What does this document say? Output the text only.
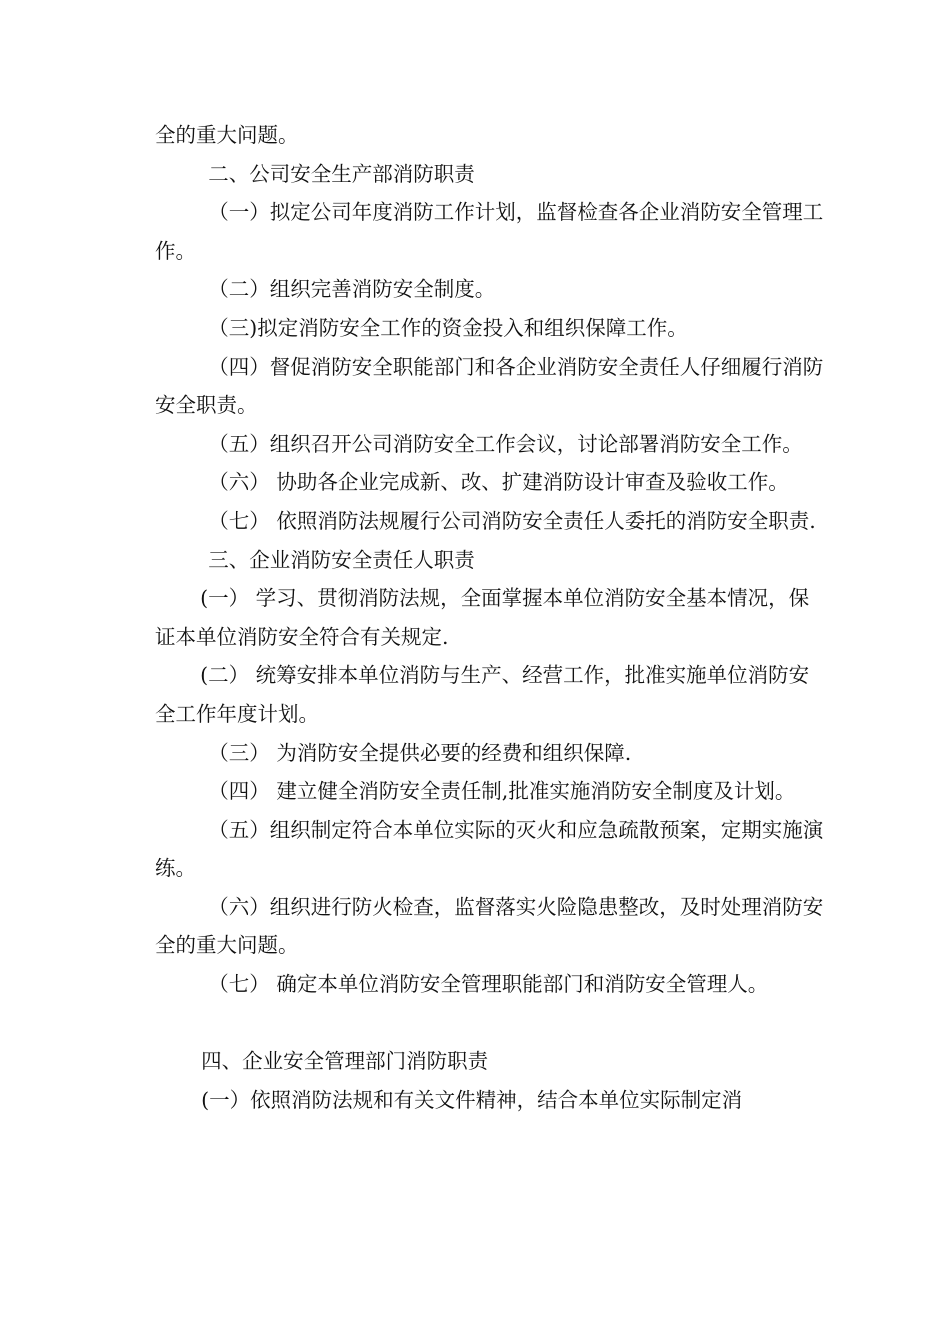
全的重大问题。

二、公司安全生产部消防职责

（一）拟定公司年度消防工作计划，监督检查各企业消防安全管理工作。

（二）组织完善消防安全制度。

（三)拟定消防安全工作的资金投入和组织保障工作。

（四）督促消防安全职能部门和各企业消防安全责任人仔细履行消防安全职责。

（五）组织召开公司消防安全工作会议，讨论部署消防安全工作。

（六） 协助各企业完成新、改、扩建消防设计审查及验收工作。

（七） 依照消防法规履行公司消防安全责任人委托的消防安全职责.

三、企业消防安全责任人职责

(一） 学习、贯彻消防法规，全面掌握本单位消防安全基本情况，保证本单位消防安全符合有关规定.

(二） 统筹安排本单位消防与生产、经营工作，批准实施单位消防安全工作年度计划。

（三） 为消防安全提供必要的经费和组织保障.

（四） 建立健全消防安全责任制,批准实施消防安全制度及计划。

（五）组织制定符合本单位实际的灭火和应急疏散预案，定期实施演练。

（六）组织进行防火检查，监督落实火险隐患整改，及时处理消防安全的重大问题。

（七） 确定本单位消防安全管理职能部门和消防安全管理人。

四、企业安全管理部门消防职责

(一）依照消防法规和有关文件精神，结合本单位实际制定消
